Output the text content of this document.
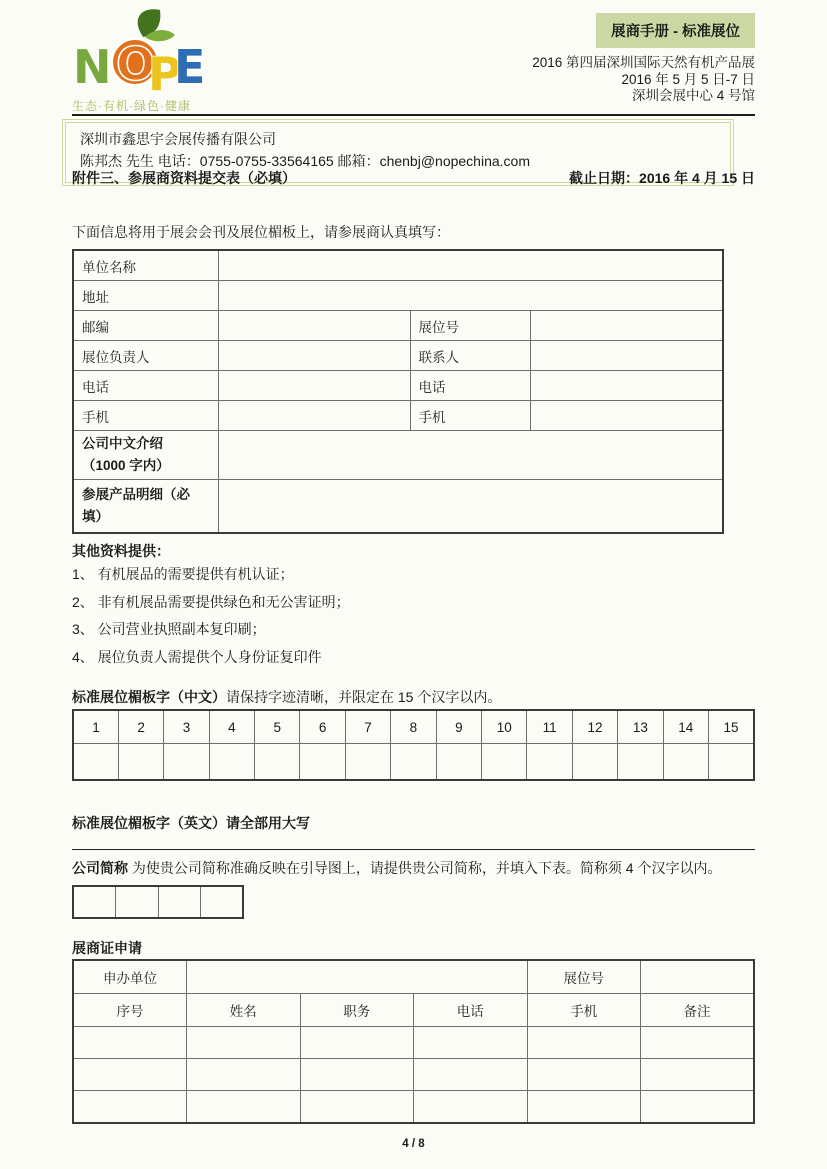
N O
P
E
生态·有机·绿色·健康
展商手册 - 标准展位
2016 第四届深圳国际天然有机产品展
2016 年 5 月 5 日-7 日
深圳会展中心 4 号馆
深圳市鑫思宇会展传播有限公司
陈邦杰 先生 电话：0755-0755-33564165 邮箱：chenbj@nopechina.com
附件三、参展商资料提交表（必填）	截止日期：2016 年 4 月 15 日
下面信息将用于展会会刊及展位楣板上，请参展商认真填写：
单位名称			
地址			
邮编		展位号	
展位负责人		联系人	
电话		电话	
手机		手机	

公司中文介绍
（1000 字内）			

参展产品明细（必
填）			

其他资料提供：
1、 有机展品的需要提供有机认证；
2、 非有机展品需要提供绿色和无公害证明；
3、 公司营业执照副本复印刷；
4、 展位负责人需提供个人身份证复印件
标准展位楣板字（中文）请保持字迹清晰，并限定在 15 个汉字以内。
1	2	3	4	5	6	7	8	9	10	11	12	13	14	15

标准展位楣板字（英文）请全部用大写
公司简称 为使贵公司简称准确反映在引导图上，请提供贵公司简称，并填入下表。简称须 4 个汉字以内。

展商证申请
申办单位				展位号	
序号	姓名	职务	电话	手机	备注

4 / 8
